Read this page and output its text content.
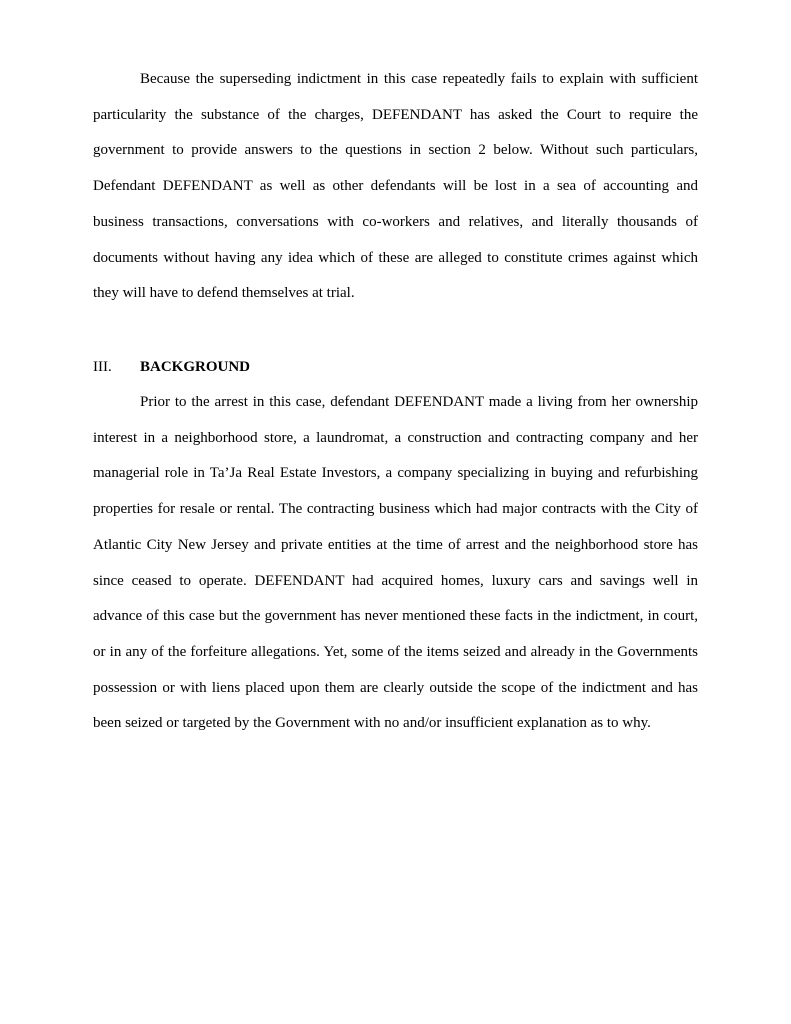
Because the superseding indictment in this case repeatedly fails to explain with sufficient particularity the substance of the charges, DEFENDANT has asked the Court to require the government to provide answers to the questions in section 2 below. Without such particulars, Defendant DEFENDANT as well as other defendants will be lost in a sea of accounting and business transactions, conversations with co-workers and relatives, and literally thousands of documents without having any idea which of these are alleged to constitute crimes against which they will have to defend themselves at trial.

III. BACKGROUND

Prior to the arrest in this case, defendant DEFENDANT made a living from her ownership interest in a neighborhood store, a laundromat, a construction and contracting company and her managerial role in Ta’Ja Real Estate Investors, a company specializing in buying and refurbishing properties for resale or rental. The contracting business which had major contracts with the City of Atlantic City New Jersey and private entities at the time of arrest and the neighborhood store has since ceased to operate. DEFENDANT had acquired homes, luxury cars and savings well in advance of this case but the government has never mentioned these facts in the indictment, in court, or in any of the forfeiture allegations. Yet, some of the items seized and already in the Governments possession or with liens placed upon them are clearly outside the scope of the indictment and has been seized or targeted by the Government with no and/or insufficient explanation as to why.
